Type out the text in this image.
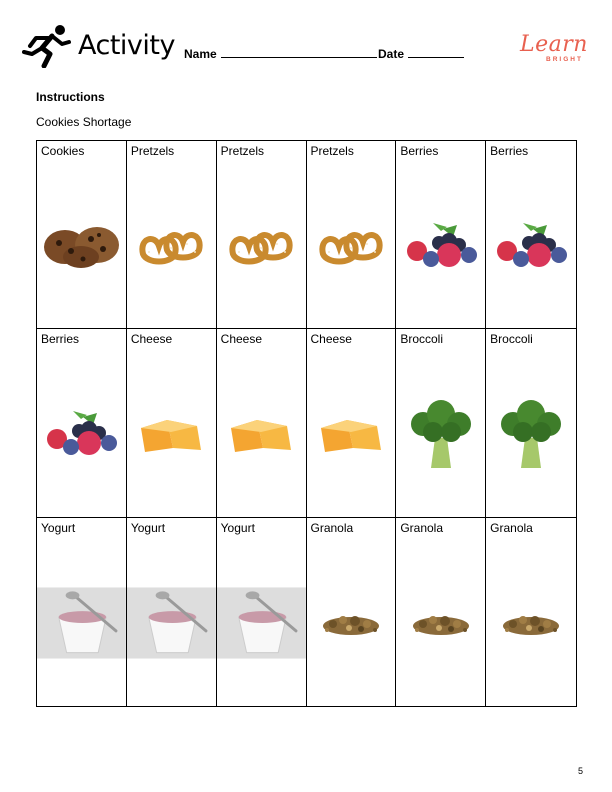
Activity Name	Date	Learn
BRIGHT
Instructions
Cookies Shortage
Cookies	Pretzels	Pretzels	Pretzels	Berries	Berries
Berries	Cheese	Cheese	Cheese	Broccoli	Broccoli
Yogurt	Yogurt	Yogurt	Granola	Granola	Granola
5
